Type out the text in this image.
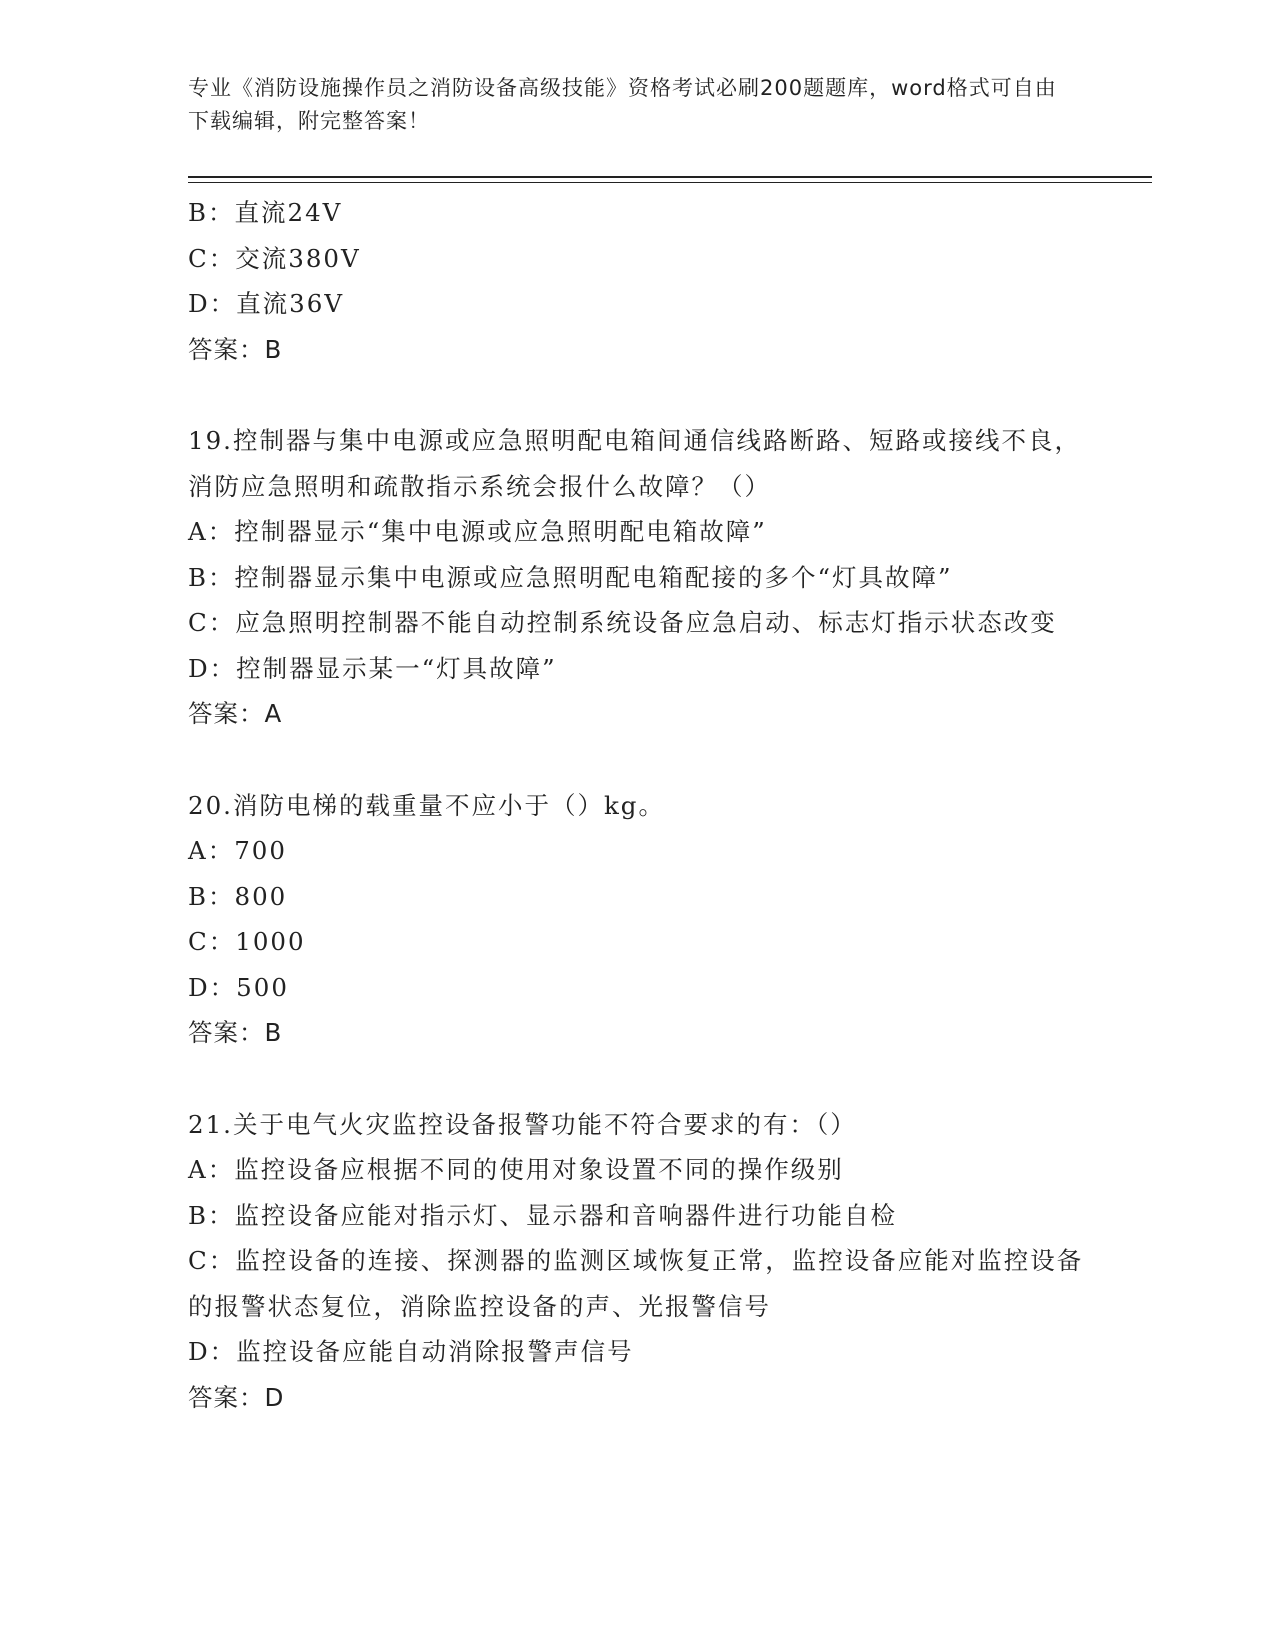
专业《消防设施操作员之消防设备高级技能》资格考试必刷200题题库，word格式可自由下载编辑，附完整答案！
B：直流24V
C：交流380V
D：直流36V
答案：B
19.控制器与集中电源或应急照明配电箱间通信线路断路、短路或接线不良，消防应急照明和疏散指示系统会报什么故障？（）
A：控制器显示“集中电源或应急照明配电箱故障”
B：控制器显示集中电源或应急照明配电箱配接的多个“灯具故障”
C：应急照明控制器不能自动控制系统设备应急启动、标志灯指示状态改变
D：控制器显示某一“灯具故障”
答案：A
20.消防电梯的载重量不应小于（）kg。
A：700
B：800
C：1000
D：500
答案：B
21.关于电气火灾监控设备报警功能不符合要求的有：（）
A：监控设备应根据不同的使用对象设置不同的操作级别
B：监控设备应能对指示灯、显示器和音响器件进行功能自检
C：监控设备的连接、探测器的监测区域恢复正常，监控设备应能对监控设备的报警状态复位，消除监控设备的声、光报警信号
D：监控设备应能自动消除报警声信号
答案：D
